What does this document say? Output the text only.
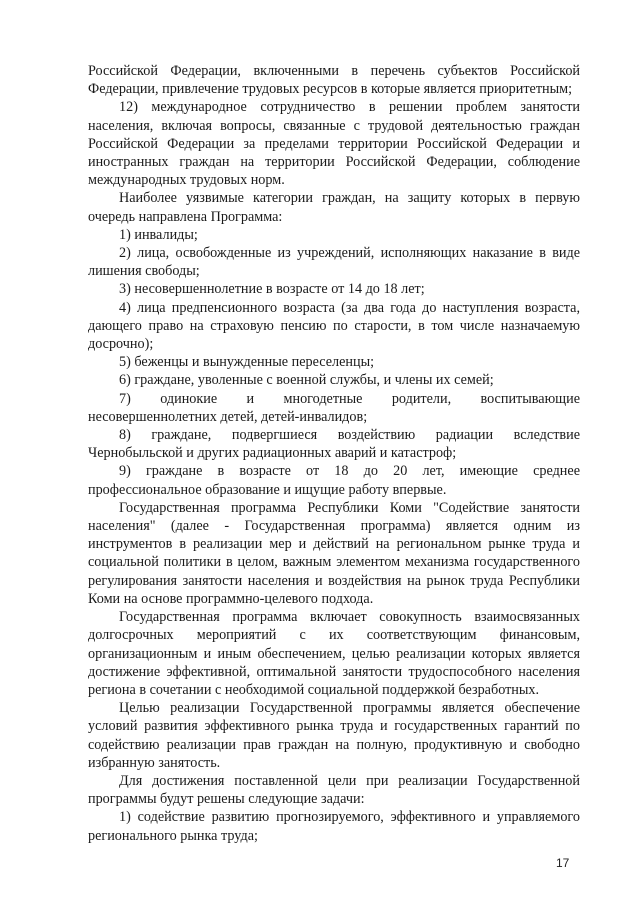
Российской Федерации, включенными в перечень субъектов Российской Федерации, привлечение трудовых ресурсов в которые является приоритетным;

12) международное сотрудничество в решении проблем занятости населения, включая вопросы, связанные с трудовой деятельностью граждан Российской Федерации за пределами территории Российской Федерации и иностранных граждан на территории Российской Федерации, соблюдение международных трудовых норм.

Наиболее уязвимые категории граждан, на защиту которых в первую очередь направлена Программа:

1) инвалиды;

2) лица, освобожденные из учреждений, исполняющих наказание в виде лишения свободы;

3) несовершеннолетние в возрасте от 14 до 18 лет;

4) лица предпенсионного возраста (за два года до наступления возраста, дающего право на страховую пенсию по старости, в том числе назначаемую досрочно);

5) беженцы и вынужденные переселенцы;

6) граждане, уволенные с военной службы, и члены их семей;

7) одинокие и многодетные родители, воспитывающие несовершеннолетних детей, детей-инвалидов;

8) граждане, подвергшиеся воздействию радиации вследствие Чернобыльской и других радиационных аварий и катастроф;

9) граждане в возрасте от 18 до 20 лет, имеющие среднее профессиональное образование и ищущие работу впервые.

Государственная программа Республики Коми "Содействие занятости населения" (далее - Государственная программа) является одним из инструментов в реализации мер и действий на региональном рынке труда и социальной политики в целом, важным элементом механизма государственного регулирования занятости населения и воздействия на рынок труда Республики Коми на основе программно-целевого подхода.

Государственная программа включает совокупность взаимосвязанных долгосрочных мероприятий с их соответствующим финансовым, организационным и иным обеспечением, целью реализации которых является достижение эффективной, оптимальной занятости трудоспособного населения региона в сочетании с необходимой социальной поддержкой безработных.

Целью реализации Государственной программы является обеспечение условий развития эффективного рынка труда и государственных гарантий по содействию реализации прав граждан на полную, продуктивную и свободно избранную занятость.

Для достижения поставленной цели при реализации Государственной программы будут решены следующие задачи:

1) содействие развитию прогнозируемого, эффективного и управляемого регионального рынка труда;

17
